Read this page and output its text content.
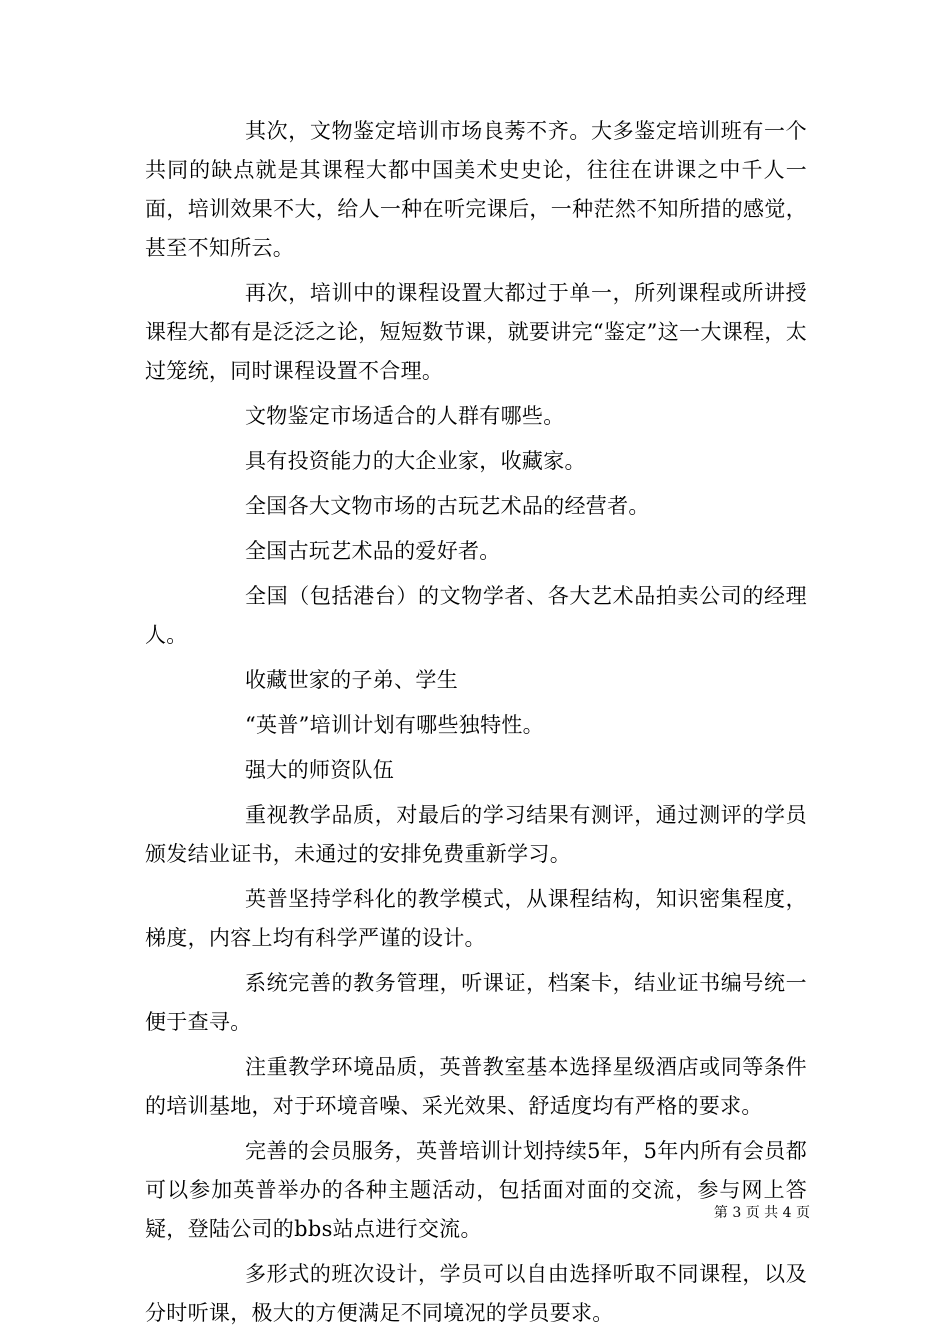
其次，文物鉴定培训市场良莠不齐。大多鉴定培训班有一个共同的缺点就是其课程大都中国美术史史论，往往在讲课之中千人一面，培训效果不大，给人一种在听完课后，一种茫然不知所措的感觉，甚至不知所云。

再次，培训中的课程设置大都过于单一，所列课程或所讲授课程大都有是泛泛之论，短短数节课，就要讲完“鉴定”这一大课程，太过笼统，同时课程设置不合理。

文物鉴定市场适合的人群有哪些。

具有投资能力的大企业家，收藏家。

全国各大文物市场的古玩艺术品的经营者。

全国古玩艺术品的爱好者。

全国（包括港台）的文物学者、各大艺术品拍卖公司的经理人。

收藏世家的子弟、学生

“英普”培训计划有哪些独特性。

强大的师资队伍

重视教学品质，对最后的学习结果有测评，通过测评的学员颁发结业证书，未通过的安排免费重新学习。

英普坚持学科化的教学模式，从课程结构，知识密集程度，梯度，内容上均有科学严谨的设计。

系统完善的教务管理，听课证，档案卡，结业证书编号统一便于查寻。

注重教学环境品质，英普教室基本选择星级酒店或同等条件的培训基地，对于环境音噪、采光效果、舒适度均有严格的要求。

完善的会员服务，英普培训计划持续5年，5年内所有会员都可以参加英普举办的各种主题活动，包括面对面的交流，参与网上答疑，登陆公司的bbs站点进行交流。

多形式的班次设计，学员可以自由选择听取不同课程，以及分时听课，极大的方便满足不同境况的学员要求。

第 3 页 共 4 页
